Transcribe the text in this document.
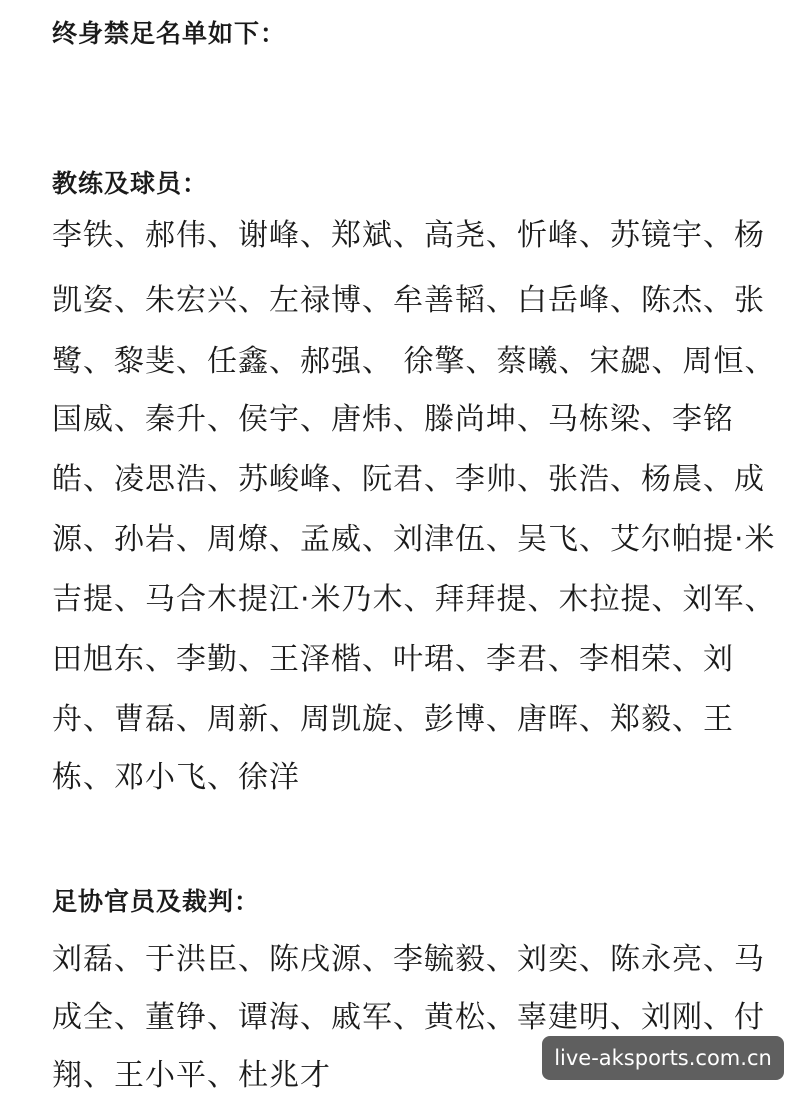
终身禁足名单如下：
教练及球员：
李铁、郝伟、谢峰、郑斌、高尧、忻峰、苏镜宇、杨
凯姿、朱宏兴、左禄博、牟善韬、白岳峰、陈杰、张
鹭、黎斐、任鑫、郝强、 徐擎、蔡曦、宋勰、周恒、
国威、秦升、侯宇、唐炜、滕尚坤、马栋梁、李铭
皓、凌思浩、苏峻峰、阮君、李帅、张浩、杨晨、成
源、孙岩、周燎、孟威、刘津伍、吴飞、艾尔帕提·米
吉提、马合木提江·米乃木、拜拜提、木拉提、刘军、
田旭东、李勤、王泽楷、叶珺、李君、李相荣、刘
舟、曹磊、周新、周凯旋、彭博、唐晖、郑毅、王
栋、邓小飞、徐洋
足协官员及裁判：
刘磊、于洪臣、陈戌源、李毓毅、刘奕、陈永亮、马
成全、董铮、谭海、戚军、黄松、辜建明、刘刚、付
翔、王小平、杜兆才	live-aksports.com.cn
